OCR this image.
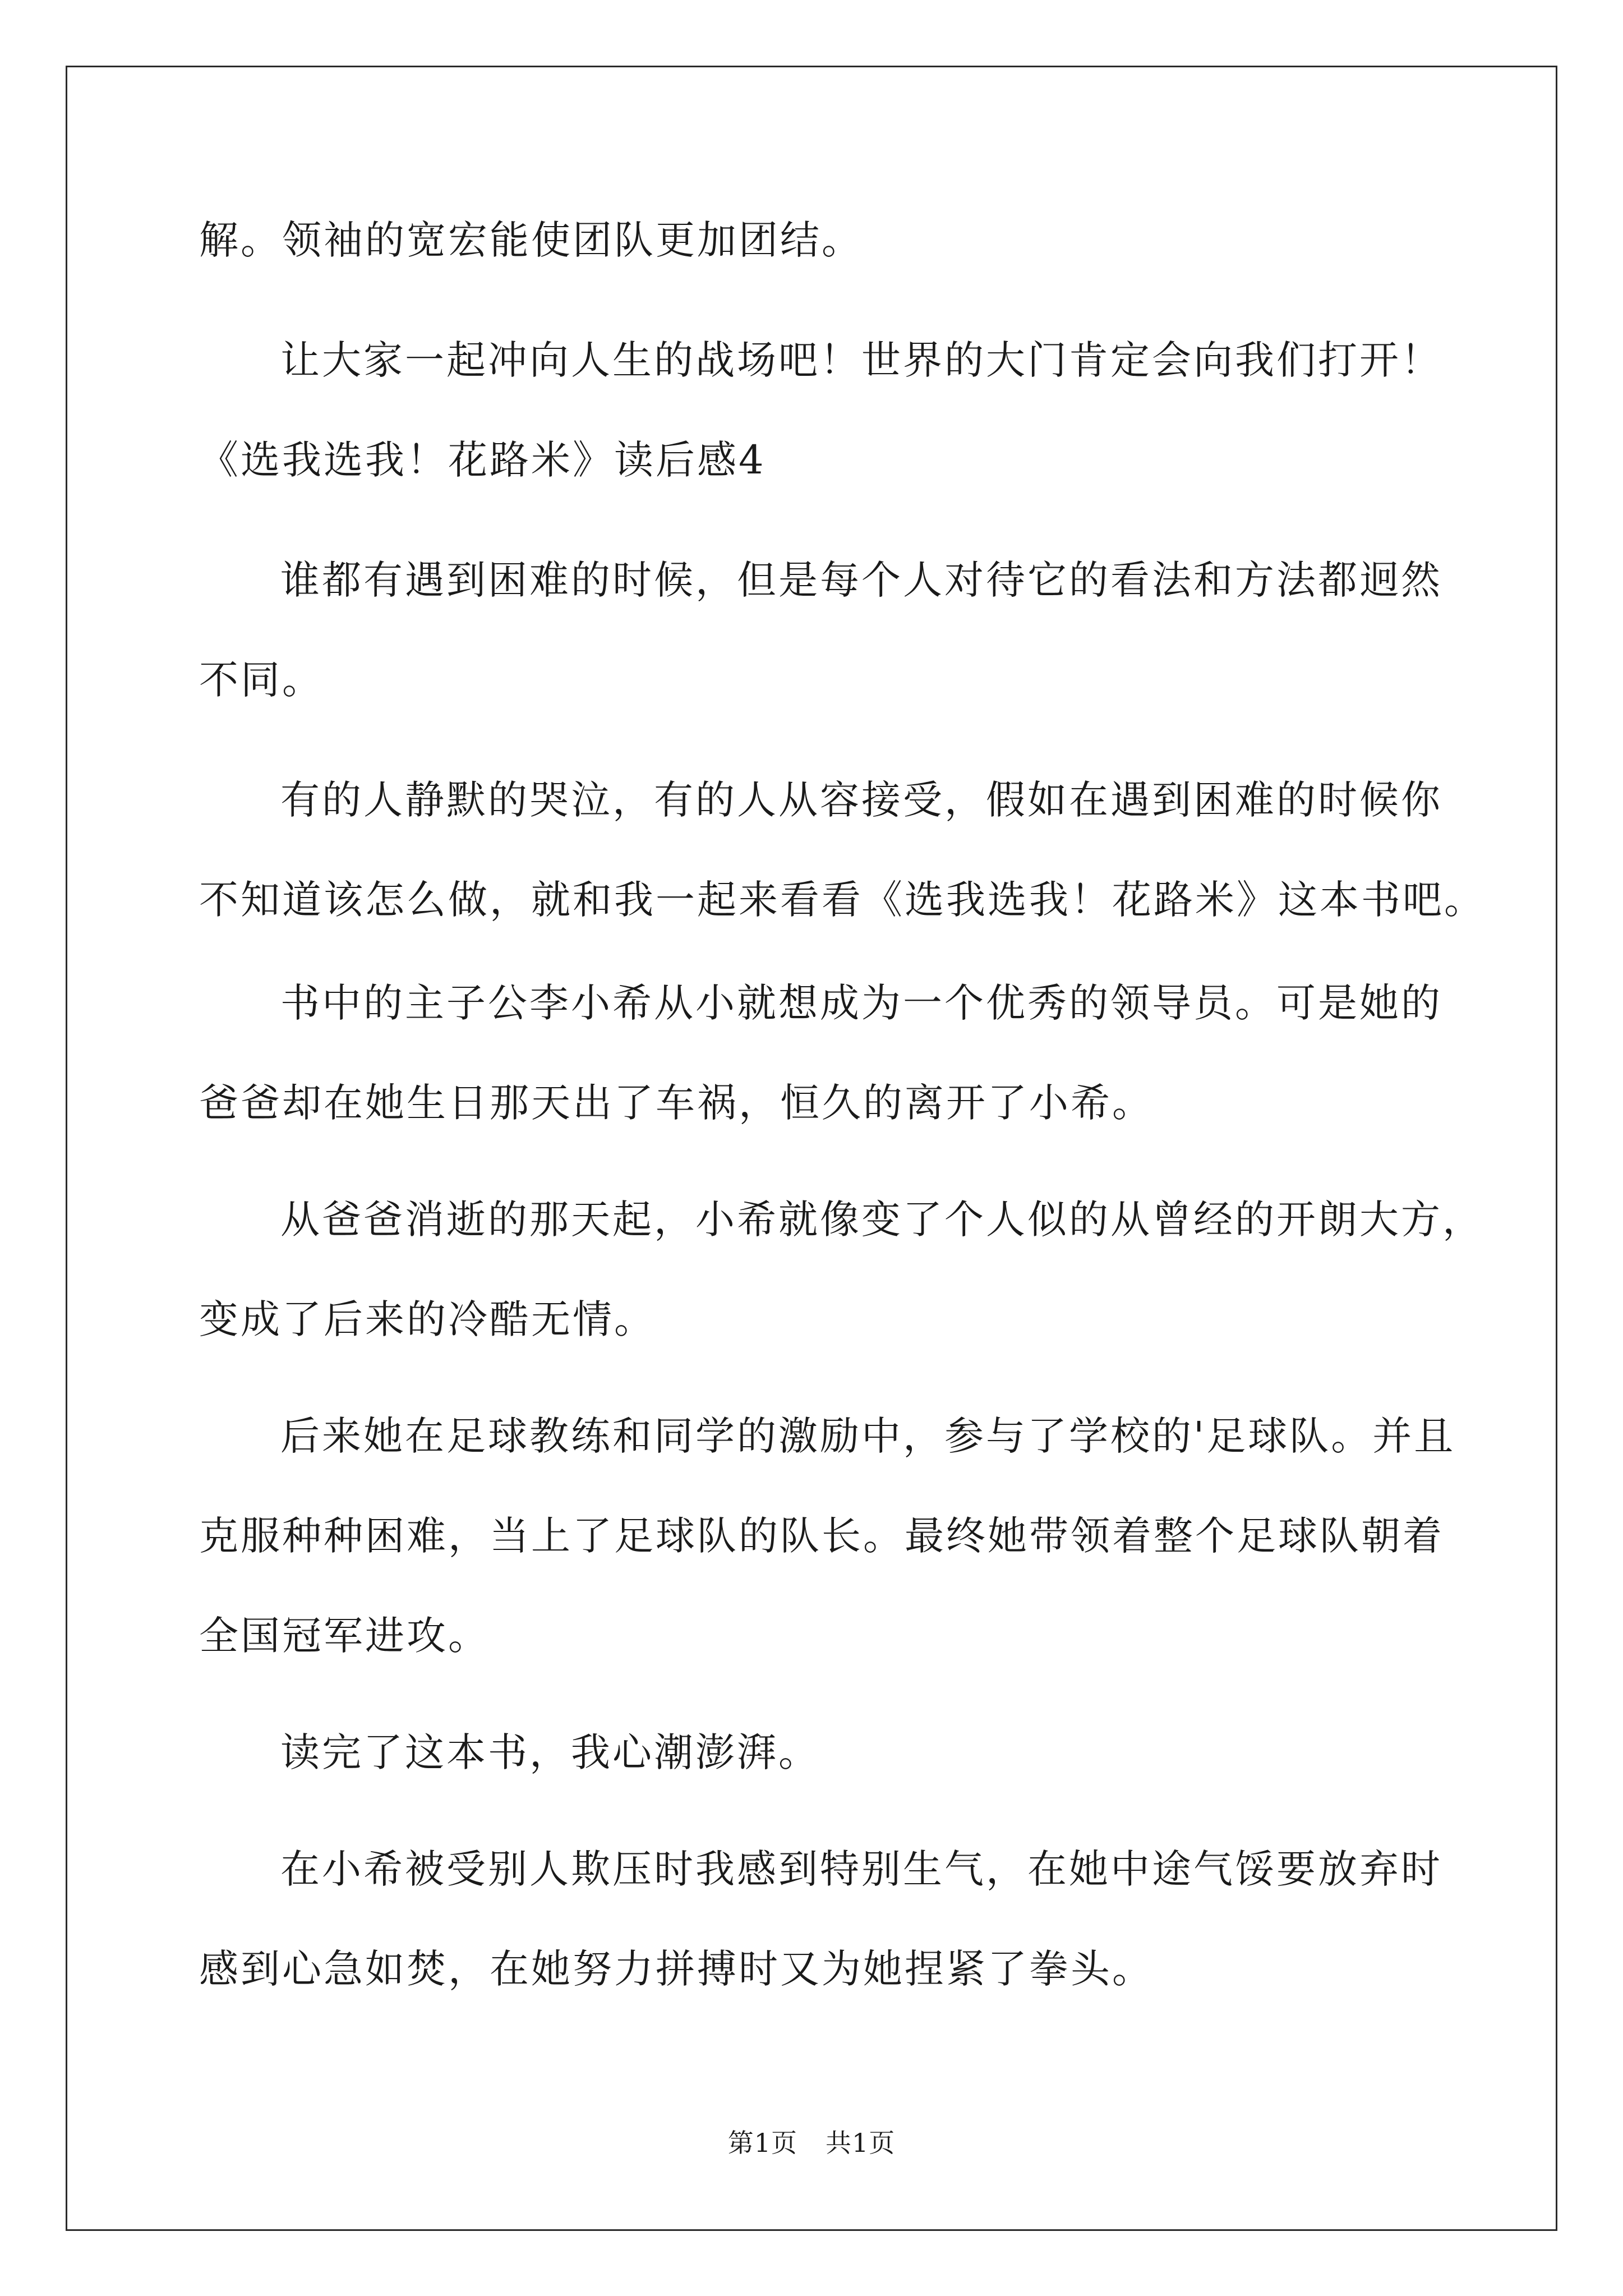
解。领袖的宽宏能使团队更加团结。

让大家一起冲向人生的战场吧！世界的大门肯定会向我们打开！

《选我选我！花路米》读后感4

谁都有遇到困难的时候，但是每个人对待它的看法和方法都迥然

不同。

有的人静默的哭泣，有的人从容接受，假如在遇到困难的时候你

不知道该怎么做，就和我一起来看看《选我选我！花路米》这本书吧。

书中的主子公李小希从小就想成为一个优秀的领导员。可是她的

爸爸却在她生日那天出了车祸，恒久的离开了小希。

从爸爸消逝的那天起，小希就像变了个人似的从曾经的开朗大方，

变成了后来的冷酷无情。

后来她在足球教练和同学的激励中，参与了学校的'足球队。并且

克服种种困难，当上了足球队的队长。最终她带领着整个足球队朝着

全国冠军进攻。

读完了这本书，我心潮澎湃。

在小希被受别人欺压时我感到特别生气，在她中途气馁要放弃时

感到心急如焚，在她努力拼搏时又为她捏紧了拳头。

第1页 共1页
